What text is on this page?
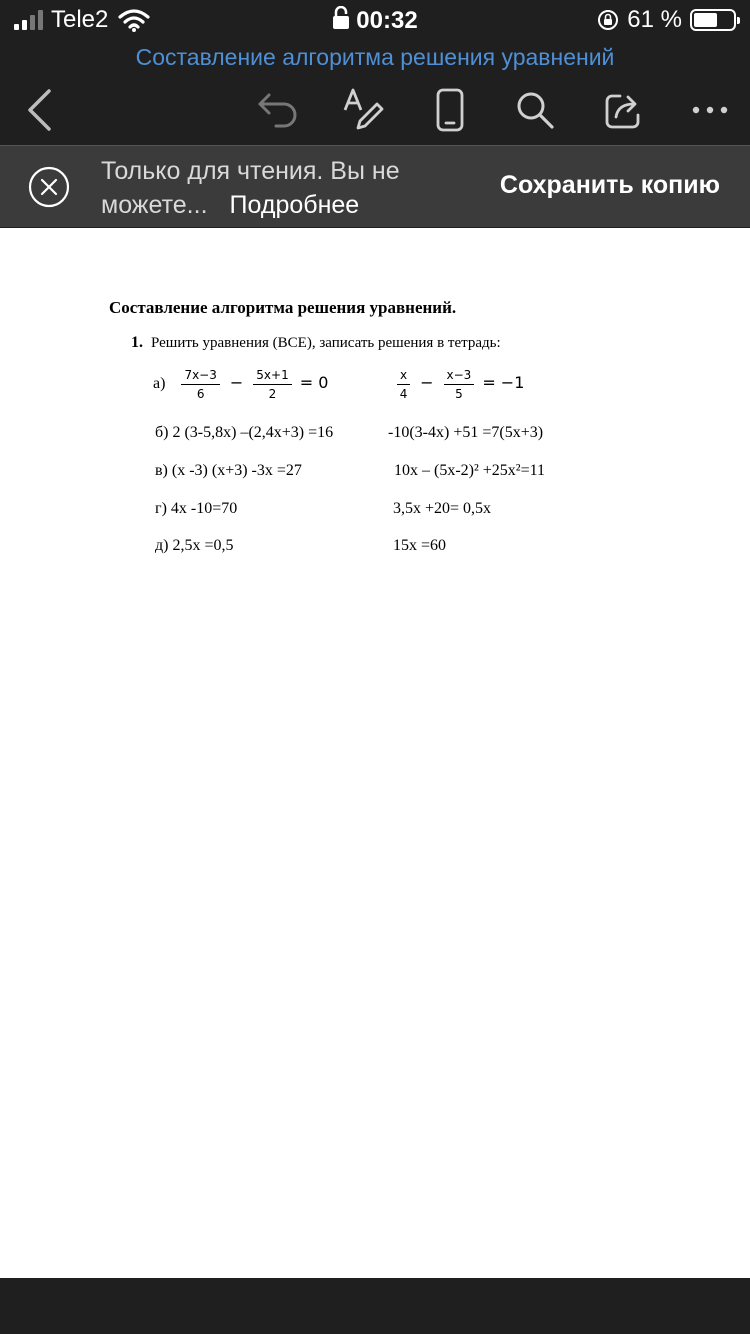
Tele2	00:32	61 %
Составление алгоритма решения уравнений
Только для чтения. Вы не можете... Подробнее
Сохранить копию
Составление алгоритма решения уравнений.
1. Решить уравнения (ВСЕ), записать решения в тетрадь:
$а) \frac{7x-3}{6} - \frac{5x+1}{2} = 0$	$\frac{x}{4} - \frac{x-3}{5} = -1$
б) 2 (3-5,8х) –(2,4х+3) =16	-10(3-4х) +51 =7(5х+3)
в) (х -3) (х+3) -3х =27	10х – (5х-2)² +25х²=11
г) 4х -10=70	3,5х +20= 0,5х
д) 2,5х =0,5	15х =60
